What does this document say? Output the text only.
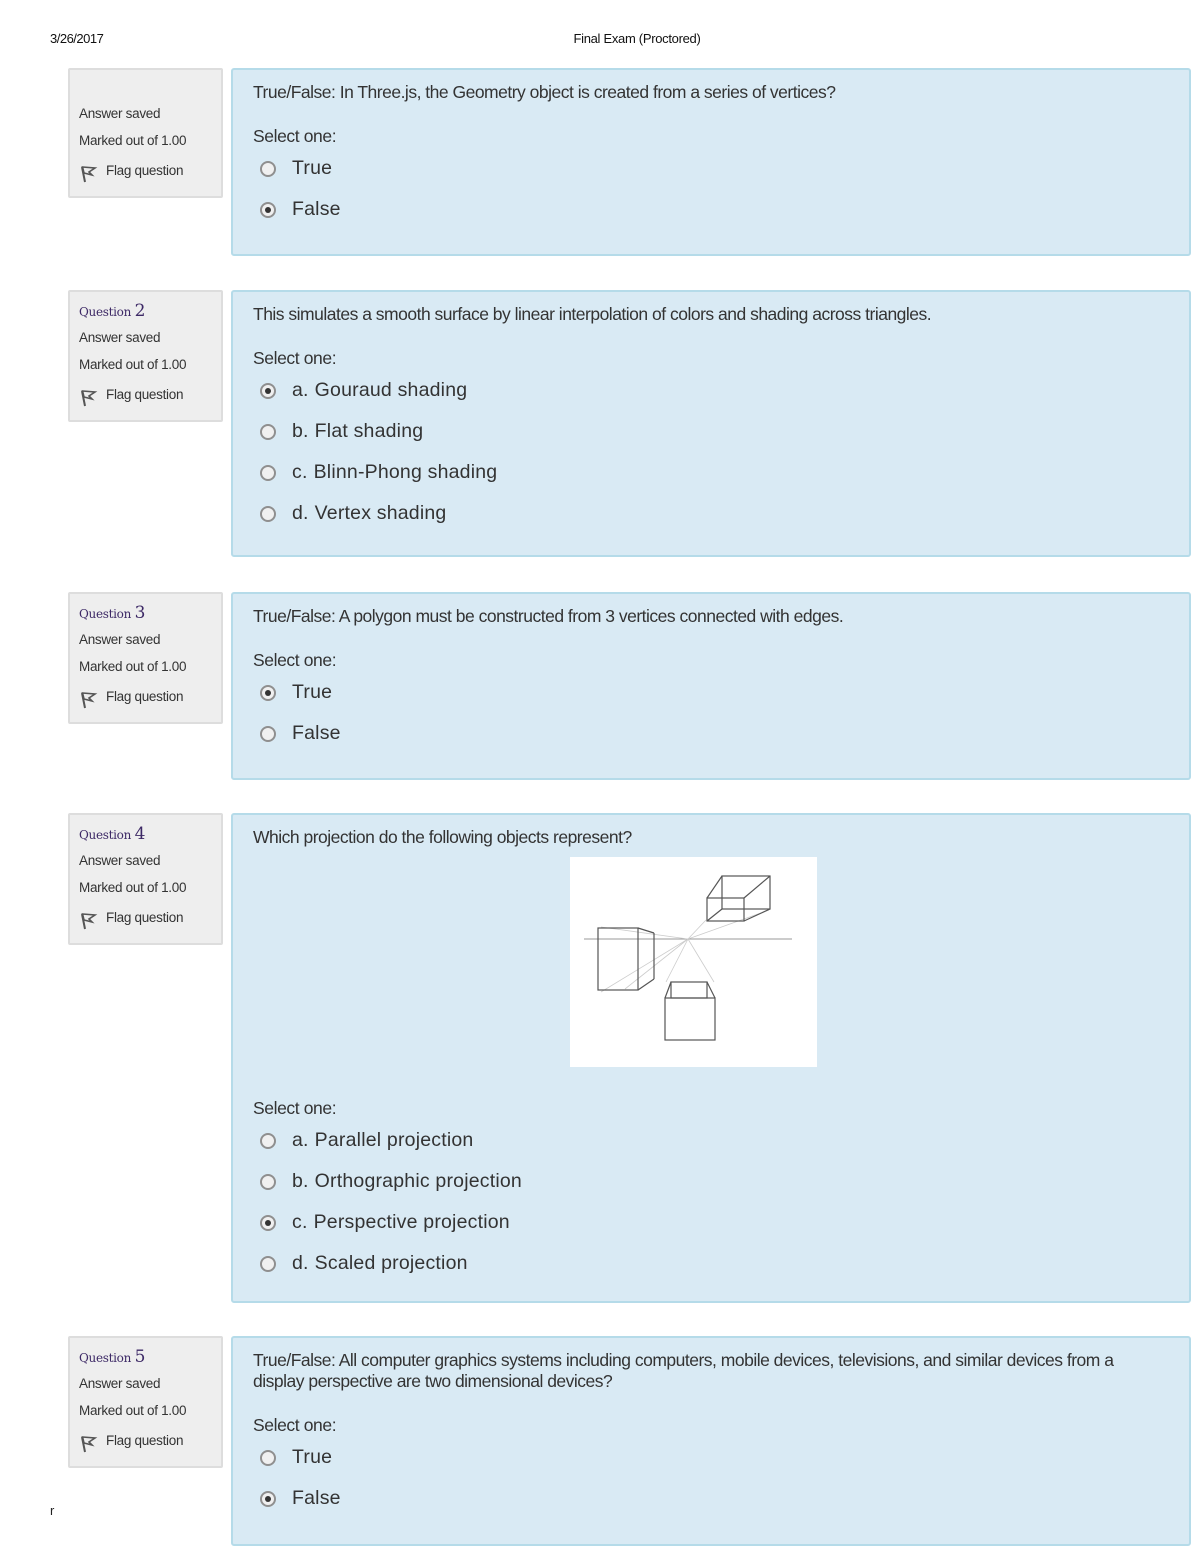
3/26/2017	Final Exam (Proctored)
r
Answer saved
Marked out of 1.00
Flag question
True/False: In Three.js, the Geometry object is created from a series of vertices?
Select one:
True
False
Question 2
Answer saved
Marked out of 1.00
Flag question
This simulates a smooth surface by linear interpolation of colors and shading across triangles.
Select one:
a. Gouraud shading
b. Flat shading
c. Blinn-Phong shading
d. Vertex shading
Question 3
Answer saved
Marked out of 1.00
Flag question
True/False: A polygon must be constructed from 3 vertices connected with edges.
Select one:
True
False
Question 4
Answer saved
Marked out of 1.00
Flag question
Which projection do the following objects represent?
Select one:
a. Parallel projection
b. Orthographic projection
c. Perspective projection
d. Scaled projection
Question 5
Answer saved
Marked out of 1.00
Flag question
True/False: All computer graphics systems including computers, mobile devices, televisions, and similar devices from a display perspective are two dimensional devices?
Select one:
True
False
